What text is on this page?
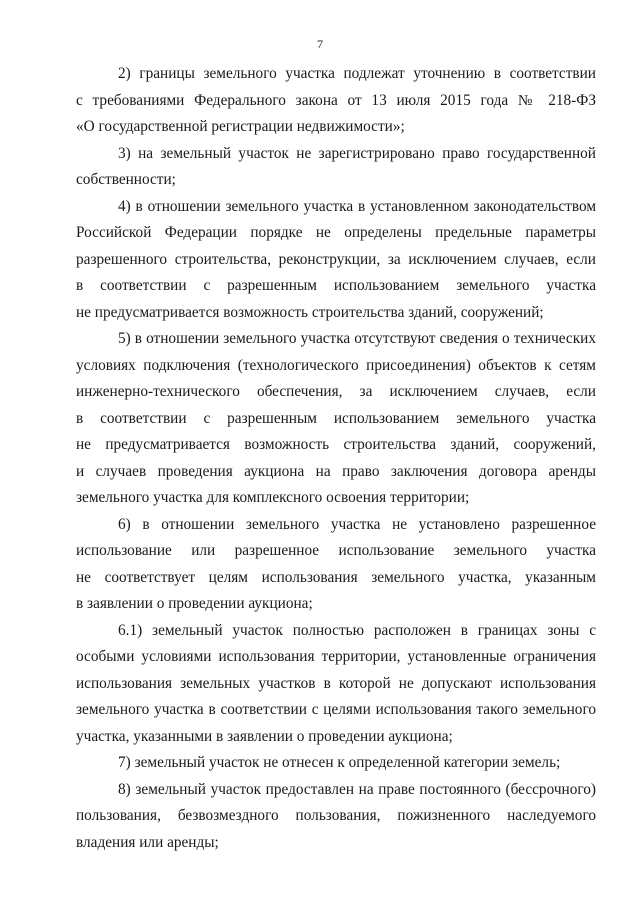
7
2) границы земельного участка подлежат уточнению в соответствии
с требованиями Федерального закона от 13 июля 2015 года № 218-ФЗ
«О государственной регистрации недвижимости»;
3) на земельный участок не зарегистрировано право государственной
собственности;
4) в отношении земельного участка в установленном законодательством
Российской Федерации порядке не определены предельные параметры
разрешенного строительства, реконструкции, за исключением случаев, если
в соответствии с разрешенным использованием земельного участка
не предусматривается возможность строительства зданий, сооружений;
5) в отношении земельного участка отсутствуют сведения о технических
условиях подключения (технологического присоединения) объектов к сетям
инженерно-технического обеспечения, за исключением случаев, если
в соответствии с разрешенным использованием земельного участка
не предусматривается возможность строительства зданий, сооружений,
и случаев проведения аукциона на право заключения договора аренды
земельного участка для комплексного освоения территории;
6) в отношении земельного участка не установлено разрешенное
использование или разрешенное использование земельного участка
не соответствует целям использования земельного участка, указанным
в заявлении о проведении аукциона;
6.1) земельный участок полностью расположен в границах зоны с
особыми условиями использования территории, установленные ограничения
использования земельных участков в которой не допускают использования
земельного участка в соответствии с целями использования такого земельного
участка, указанными в заявлении о проведении аукциона;
7) земельный участок не отнесен к определенной категории земель;
8) земельный участок предоставлен на праве постоянного (бессрочного)
пользования, безвозмездного пользования, пожизненного наследуемого
владения или аренды;
